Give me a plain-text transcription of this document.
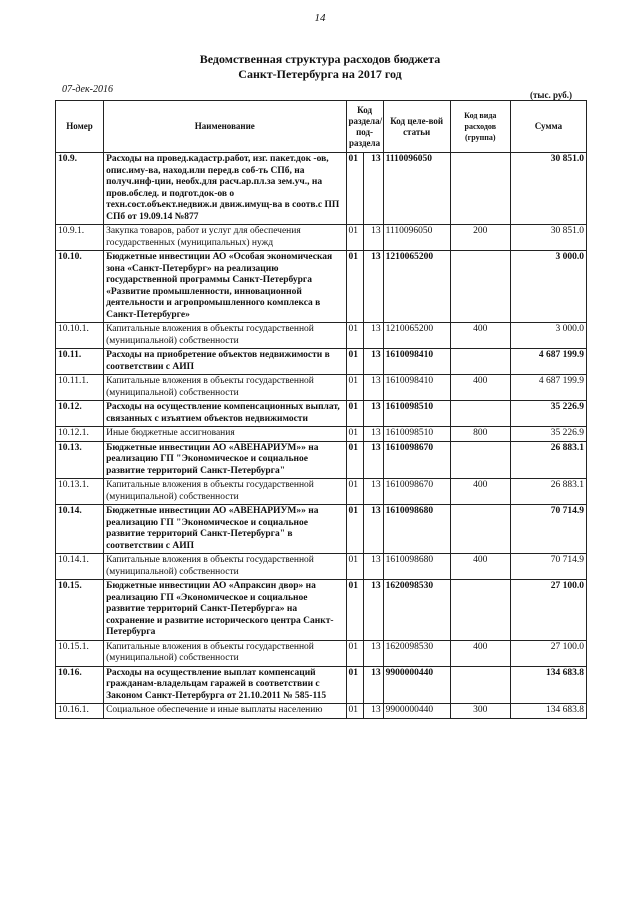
14
Ведомственная структура расходов бюджета
Санкт-Петербурга на 2017 год
07-дек-2016	(тыс. руб.)
Номер	Наименование	Код раздела/ под-раздела		Код целе-вой статьи	Код вида расходов (группа)	Сумма
10.9.	Расходы на провед.кадастр.работ, изг. пакет.док -ов, опис.иму-ва, наход.или перед.в соб-ть СПб, на получ.инф-ции, необх.для расч.ар.пл.за зем.уч., на пров.обслед. и подгот.док-ов о техн.сост.объект.недвиж.и движ.имущ-ва в соотв.с ПП СПб от 19.09.14 №877	01	13	1110096050		30 851.0
10.9.1.	Закупка товаров, работ и услуг для обеспечения государственных (муниципальных) нужд	01	13	1110096050	200	30 851.0
10.10.	Бюджетные инвестиции АО «Особая экономическая зона «Санкт-Петербург» на реализацию государственной программы Санкт-Петербурга «Развитие промышленности, инновационной деятельности и агропромышленного комплекса в Санкт-Петербурге»	01	13	1210065200		3 000.0
10.10.1.	Капитальные вложения в объекты государственной (муниципальной) собственности	01	13	1210065200	400	3 000.0
10.11.	Расходы на приобретение объектов недвижимости в соответствии с АИП	01	13	1610098410		4 687 199.9
10.11.1.	Капитальные вложения в объекты государственной (муниципальной) собственности	01	13	1610098410	400	4 687 199.9
10.12.	Расходы на осуществление компенсационных выплат, связанных с изъятием объектов недвижимости	01	13	1610098510		35 226.9
10.12.1.	Иные бюджетные ассигнования	01	13	1610098510	800	35 226.9
10.13.	Бюджетные инвестиции АО «АВЕНАРИУМ»» на реализацию ГП "Экономическое и социальное развитие территорий Санкт-Петербурга"	01	13	1610098670		26 883.1
10.13.1.	Капитальные вложения в объекты государственной (муниципальной) собственности	01	13	1610098670	400	26 883.1
10.14.	Бюджетные инвестиции АО «АВЕНАРИУМ»» на реализацию ГП "Экономическое и социальное развитие территорий Санкт-Петербурга" в соответствии с АИП	01	13	1610098680		70 714.9
10.14.1.	Капитальные вложения в объекты государственной (муниципальной) собственности	01	13	1610098680	400	70 714.9
10.15.	Бюджетные инвестиции АО «Апраксин двор» на реализацию ГП «Экономическое и социальное развитие территорий Санкт-Петербурга» на сохранение и развитие исторического центра Санкт-Петербурга	01	13	1620098530		27 100.0
10.15.1.	Капитальные вложения в объекты государственной (муниципальной) собственности	01	13	1620098530	400	27 100.0
10.16.	Расходы на осуществление выплат компенсаций гражданам-владельцам гаражей в соответствии с Законом Санкт-Петербурга от 21.10.2011 № 585-115	01	13	9900000440		134 683.8
10.16.1.	Социальное обеспечение и иные выплаты населению	01	13	9900000440	300	134 683.8
